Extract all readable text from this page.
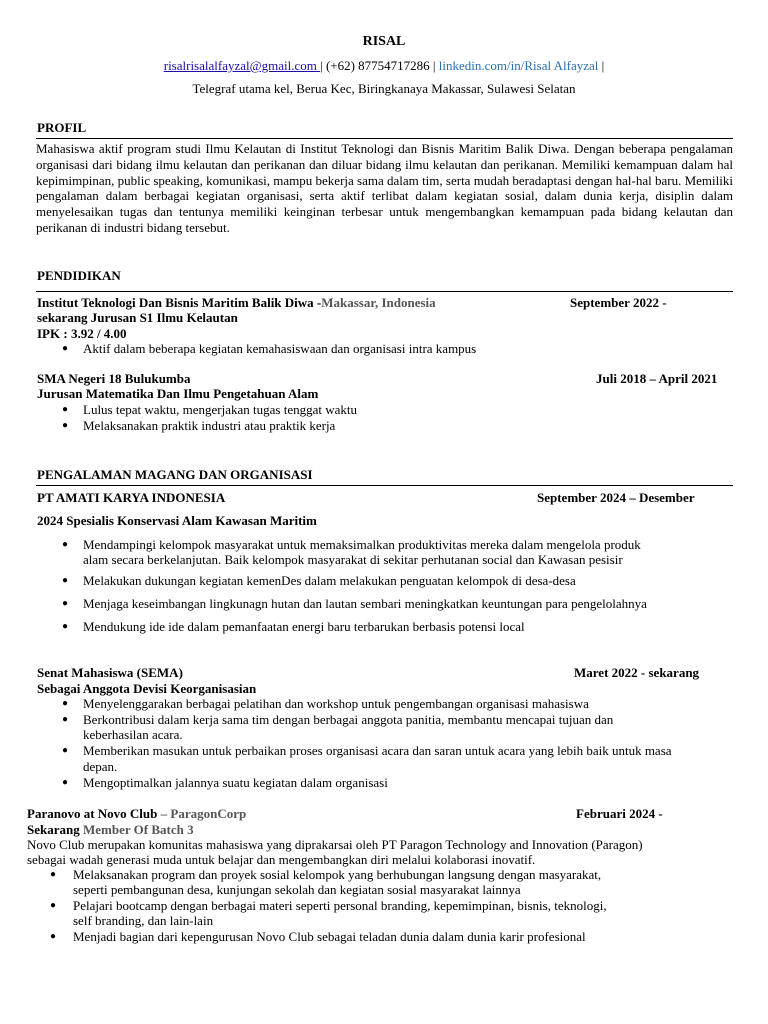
RISAL
risalrisalalfayzal@gmail.com | (+62) 87754717286 | linkedin.com/in/Risal Alfayzal |
Telegraf utama kel, Berua Kec, Biringkanaya Makassar, Sulawesi Selatan
PROFIL
Mahasiswa aktif program studi Ilmu Kelautan di Institut Teknologi dan Bisnis Maritim Balik Diwa. Dengan beberapa pengalaman organisasi dari bidang ilmu kelautan dan perikanan dan diluar bidang ilmu kelautan dan perikanan. Memiliki kemampuan dalam hal kepimimpinan, public speaking, komunikasi, mampu bekerja sama dalam tim, serta mudah beradaptasi dengan hal-hal baru. Memiliki pengalaman dalam berbagai kegiatan organisasi, serta aktif terlibat dalam kegiatan sosial, dalam dunia kerja, disiplin dalam menyelesaikan tugas dan tentunya memiliki keinginan terbesar untuk mengembangkan kemampuan pada bidang kelautan dan perikanan di industri bidang tersebut.
PENDIDIKAN
Institut Teknologi Dan Bisnis Maritim Balik Diwa -Makassar, Indonesia	September 2022 -
sekarang Jurusan S1 Ilmu Kelautan
IPK : 3.92 / 4.00
● Aktif dalam beberapa kegiatan kemahasiswaan dan organisasi intra kampus
SMA Negeri 18 Bulukumba	Juli 2018 – April 2021
Jurusan Matematika Dan Ilmu Pengetahuan Alam
● Lulus tepat waktu, mengerjakan tugas tenggat waktu
● Melaksanakan praktik industri atau praktik kerja
PENGALAMAN MAGANG DAN ORGANISASI
PT AMATI KARYA INDONESIA	September 2024 – Desember
2024 Spesialis Konservasi Alam Kawasan Maritim
● Mendampingi kelompok masyarakat untuk memaksimalkan produktivitas mereka dalam mengelola produk
alam secara berkelanjutan. Baik kelompok masyarakat di sekitar perhutanan social dan Kawasan pesisir
● Melakukan dukungan kegiatan kemenDes dalam melakukan penguatan kelompok di desa-desa
● Menjaga keseimbangan lingkunagn hutan dan lautan sembari meningkatkan keuntungan para pengelolahnya
● Mendukung ide ide dalam pemanfaatan energi baru terbarukan berbasis potensi local
Senat Mahasiswa (SEMA)	Maret 2022 - sekarang
Sebagai Anggota Devisi Keorganisasian
● Menyelenggarakan berbagai pelatihan dan workshop untuk pengembangan organisasi mahasiswa
● Berkontribusi dalam kerja sama tim dengan berbagai anggota panitia, membantu mencapai tujuan dan
keberhasilan acara.
● Memberikan masukan untuk perbaikan proses organisasi acara dan saran untuk acara yang lebih baik untuk masa
depan.
● Mengoptimalkan jalannya suatu kegiatan dalam organisasi
Paranovo at Novo Club – ParagonCorp	Februari 2024 -
Sekarang Member Of Batch 3
Novo Club merupakan komunitas mahasiswa yang diprakarsai oleh PT Paragon Technology and Innovation (Paragon)
sebagai wadah generasi muda untuk belajar dan mengembangkan diri melalui kolaborasi inovatif.
● Melaksanakan program dan proyek sosial kelompok yang berhubungan langsung dengan masyarakat,
seperti pembangunan desa, kunjungan sekolah dan kegiatan sosial masyarakat lainnya
● Pelajari bootcamp dengan berbagai materi seperti personal branding, kepemimpinan, bisnis, teknologi,
self branding, dan lain-lain
● Menjadi bagian dari kepengurusan Novo Club sebagai teladan dunia dalam dunia karir profesional
